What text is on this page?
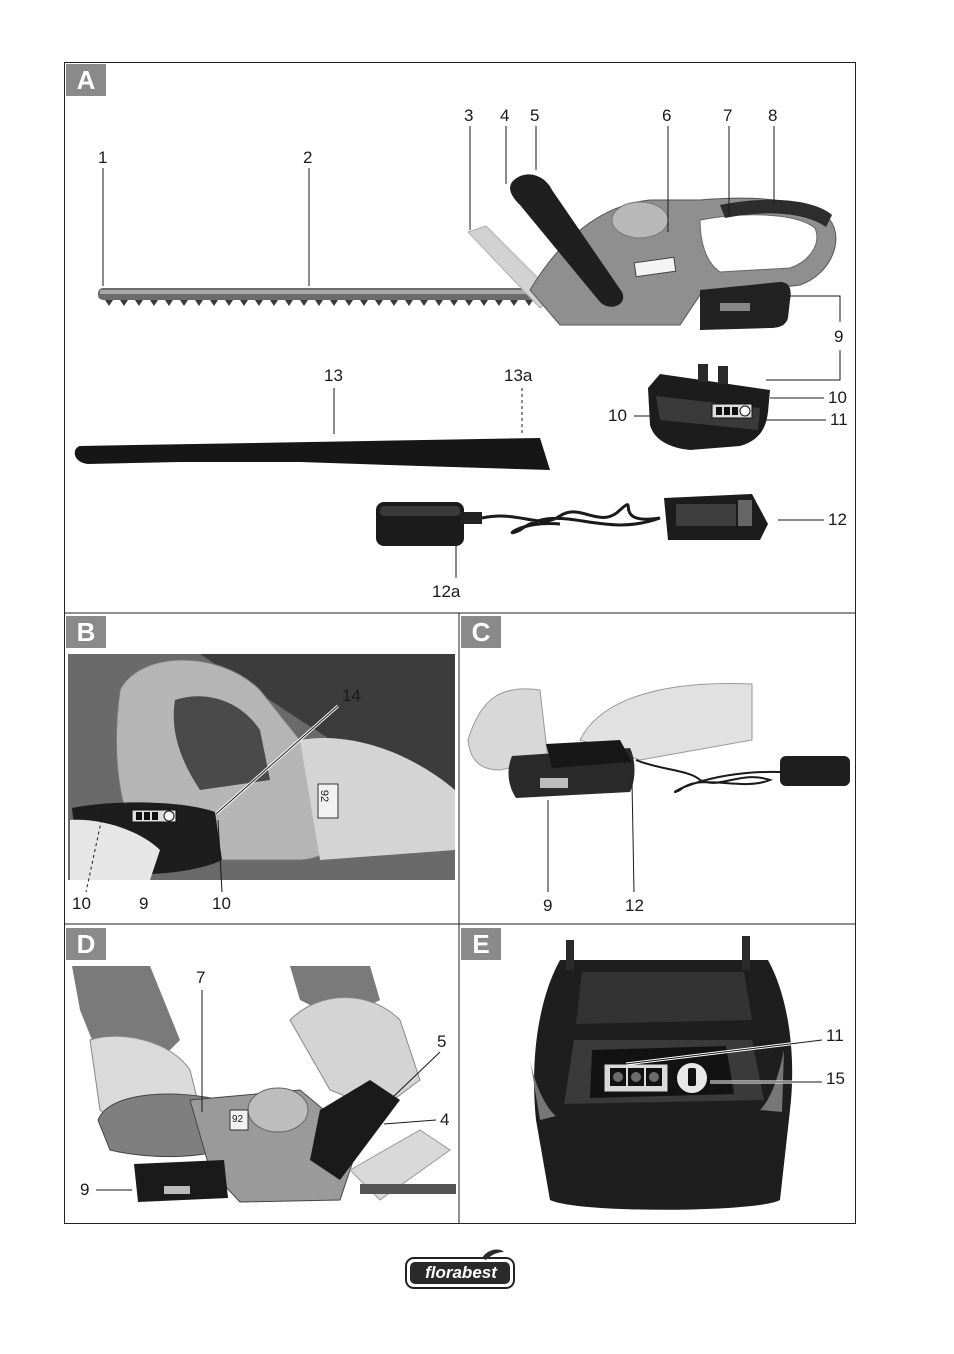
A
1	2
3 4 5	6	7 8
9
10
10	11
12
12a
13	13a
B
14
10	9	10
92
C
9	12
D
7
5
4
9
92
E
11
15
florabest
